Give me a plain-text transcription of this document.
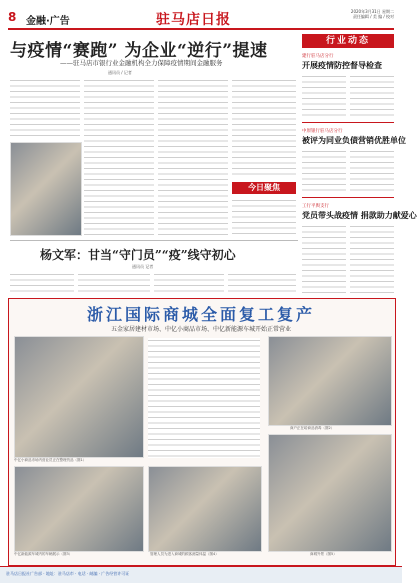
8 金融·广告	驻马店日报
2020年3月31日 星期二
责任编辑 / 美 编 / 校对
与疫情“赛跑” 为企业“逆行”提速
——驻马店市银行业金融机构全力保障疫情期间金融服务
通讯员 / 记者
今日聚焦
行业动态
建行驻马店分行
开展疫情防控督导检查
中原银行驻马店分行
被评为同业负债营销优胜单位
工行平舆支行
党员带头战疫情 捐款助力献爱心
杨文军：甘当“守门员”“疫”线守初心
通讯员 记者
浙江国际商城全面复工复产
五金家居建材市场、中亿小商品市场、中亿新能源车城开始正常营业
中亿小商品市场内营业员正在整理货品（图1）
商户正在给商品消毒（图2）
中亿新能源车城内的车辆展示（图3）	管理人员为进入商城的顾客测量体温（图4）	商城外景（图5）
驻马店日报社广告部 · 地址：驻马店市 · 电话 · 邮编 · 广告经营许可证
